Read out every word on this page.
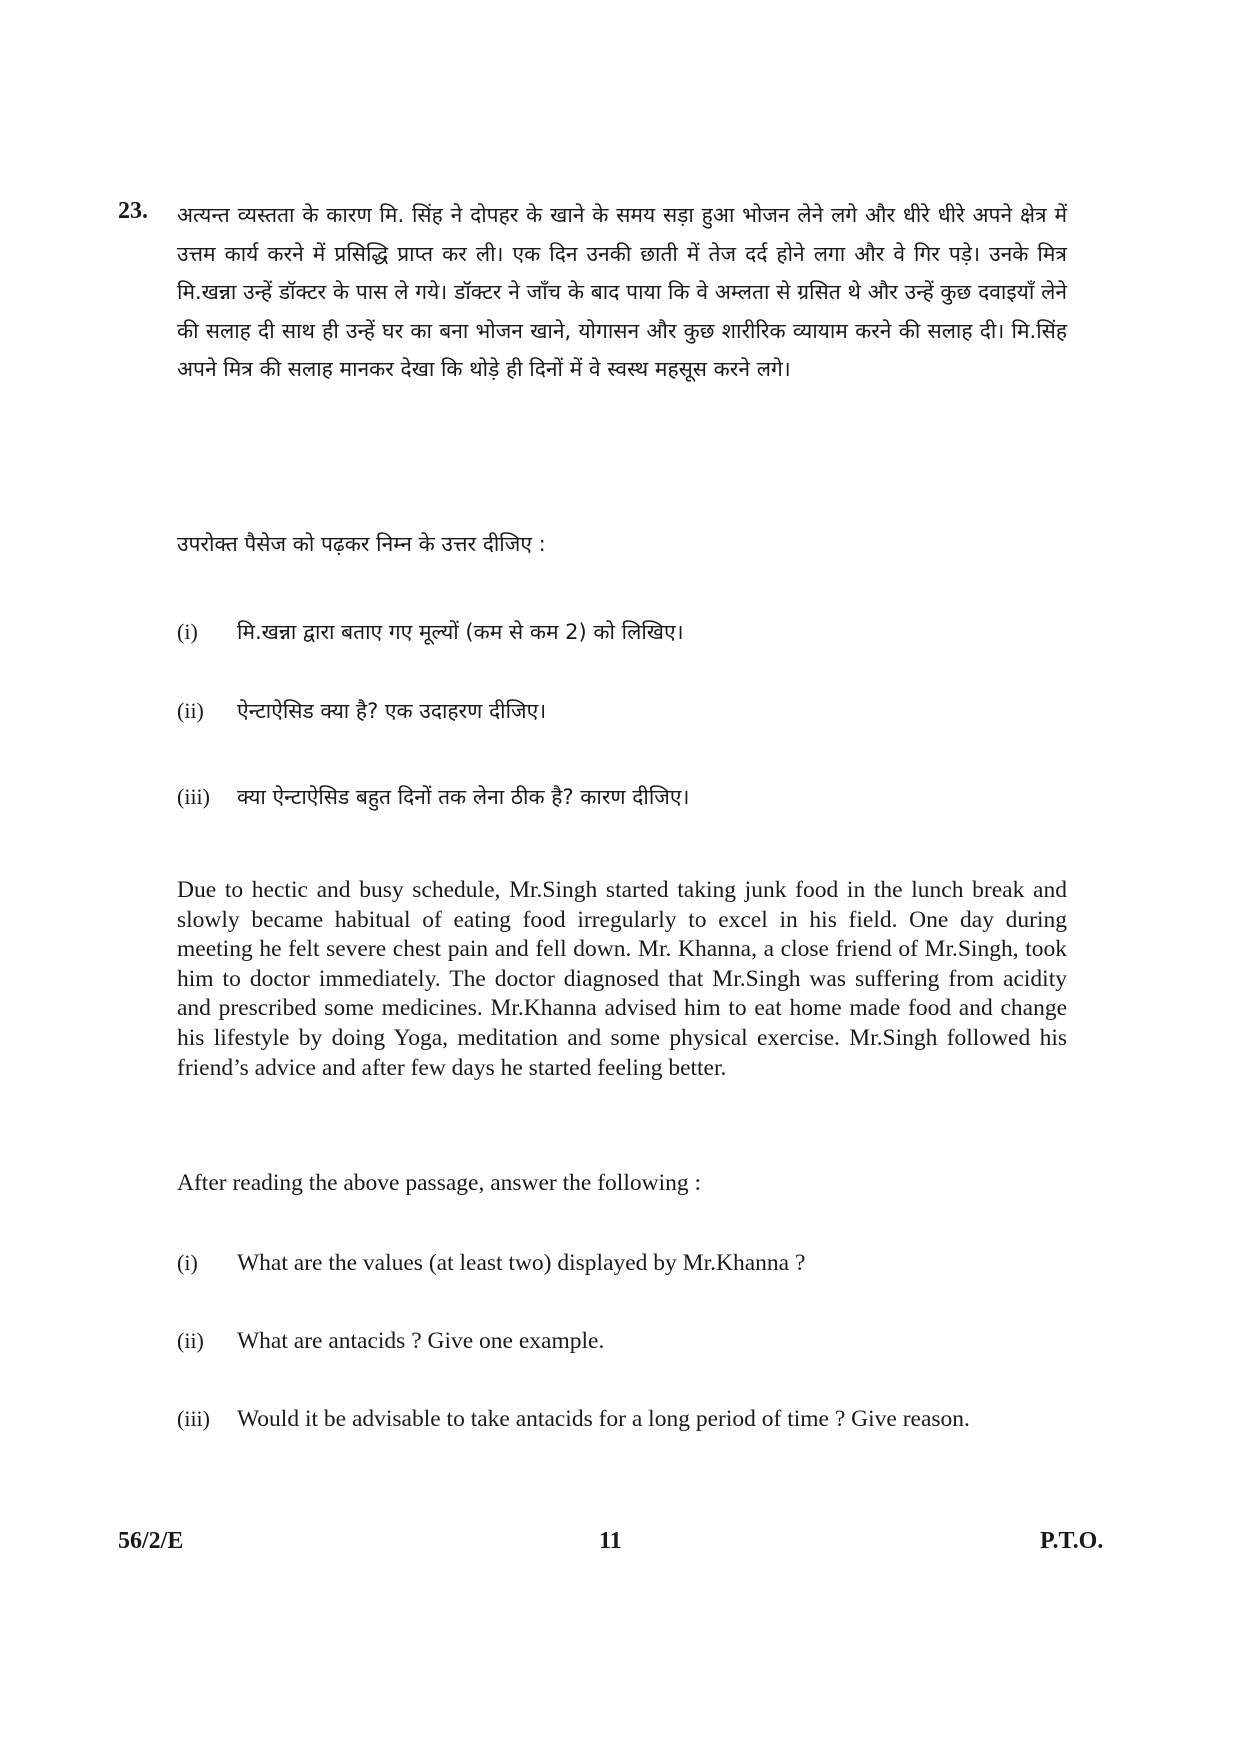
23. अत्यन्त व्यस्तता के कारण मि. सिंह ने दोपहर के खाने के समय सड़ा हुआ भोजन लेने लगे और धीरे धीरे अपने क्षेत्र में उत्तम कार्य करने में प्रसिद्धि प्राप्त कर ली। एक दिन उनकी छाती में तेज दर्द होने लगा और वे गिर पड़े। उनके मित्र मि.खन्ना उन्हें डॉक्टर के पास ले गये। डॉक्टर ने जाँच के बाद पाया कि वे अम्लता से ग्रसित थे और उन्हें कुछ दवाइयाँ लेने की सलाह दी साथ ही उन्हें घर का बना भोजन खाने, योगासन और कुछ शारीरिक व्यायाम करने की सलाह दी। मि.सिंह अपने मित्र की सलाह मानकर देखा कि थोड़े ही दिनों में वे स्वस्थ महसूस करने लगे।

उपरोक्त पैसेज को पढ़कर निम्न के उत्तर दीजिए :

(i)	मि.खन्ना द्वारा बताए गए मूल्यों (कम से कम 2) को लिखिए।
(ii)	ऐन्टाऐसिड क्या है? एक उदाहरण दीजिए।
(iii)	क्या ऐन्टाऐसिड बहुत दिनों तक लेना ठीक है? कारण दीजिए।

Due to hectic and busy schedule, Mr.Singh started taking junk food in the lunch break and slowly became habitual of eating food irregularly to excel in his field. One day during meeting he felt severe chest pain and fell down. Mr. Khanna, a close friend of Mr.Singh, took him to doctor immediately. The doctor diagnosed that Mr.Singh was suffering from acidity and prescribed some medicines. Mr.Khanna advised him to eat home made food and change his lifestyle by doing Yoga, meditation and some physical exercise. Mr.Singh followed his friend’s advice and after few days he started feeling better.

After reading the above passage, answer the following :

(i)	What are the values (at least two) displayed by Mr.Khanna ?
(ii)	What are antacids ? Give one example.
(iii)	Would it be advisable to take antacids for a long period of time ? Give reason.
56/2/E	11	P.T.O.
